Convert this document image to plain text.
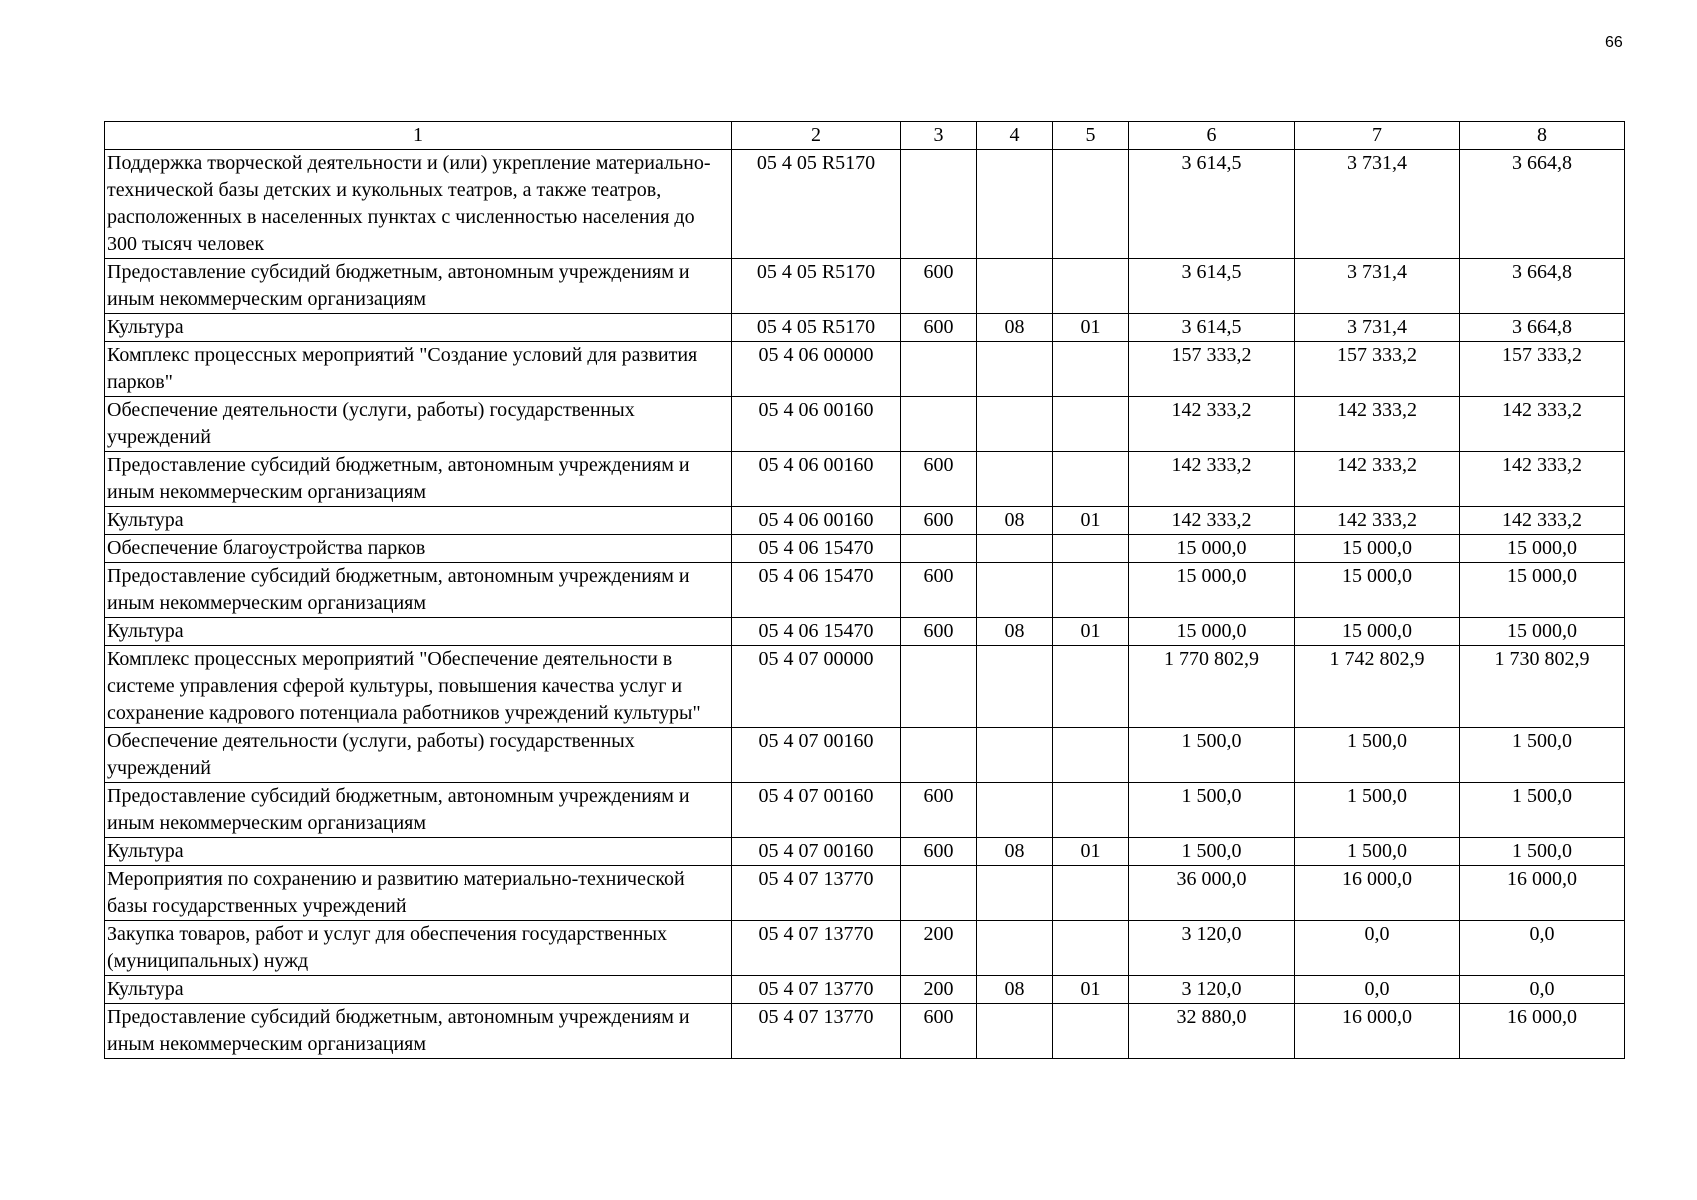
66
1	2	3	4	5	6	7	8
Поддержка творческой деятельности и (или) укрепление материально-технической базы детских и кукольных театров, а также театров, расположенных в населенных пунктах с численностью населения до 300 тысяч человек	05 4 05 R5170				3 614,5	3 731,4	3 664,8
Предоставление субсидий бюджетным, автономным учреждениям и иным некоммерческим организациям	05 4 05 R5170	600			3 614,5	3 731,4	3 664,8
Культура	05 4 05 R5170	600	08	01	3 614,5	3 731,4	3 664,8
Комплекс процессных мероприятий "Создание условий для развития парков"	05 4 06 00000				157 333,2	157 333,2	157 333,2
Обеспечение деятельности (услуги, работы) государственных учреждений	05 4 06 00160				142 333,2	142 333,2	142 333,2
Предоставление субсидий бюджетным, автономным учреждениям и иным некоммерческим организациям	05 4 06 00160	600			142 333,2	142 333,2	142 333,2
Культура	05 4 06 00160	600	08	01	142 333,2	142 333,2	142 333,2
Обеспечение благоустройства парков	05 4 06 15470				15 000,0	15 000,0	15 000,0
Предоставление субсидий бюджетным, автономным учреждениям и иным некоммерческим организациям	05 4 06 15470	600			15 000,0	15 000,0	15 000,0
Культура	05 4 06 15470	600	08	01	15 000,0	15 000,0	15 000,0
Комплекс процессных мероприятий "Обеспечение деятельности в системе управления сферой культуры, повышения качества услуг и сохранение кадрового потенциала работников учреждений культуры"	05 4 07 00000				1 770 802,9	1 742 802,9	1 730 802,9
Обеспечение деятельности (услуги, работы) государственных учреждений	05 4 07 00160				1 500,0	1 500,0	1 500,0
Предоставление субсидий бюджетным, автономным учреждениям и иным некоммерческим организациям	05 4 07 00160	600			1 500,0	1 500,0	1 500,0
Культура	05 4 07 00160	600	08	01	1 500,0	1 500,0	1 500,0
Мероприятия по сохранению и развитию материально-технической базы государственных учреждений	05 4 07 13770				36 000,0	16 000,0	16 000,0
Закупка товаров, работ и услуг для обеспечения государственных (муниципальных) нужд	05 4 07 13770	200			3 120,0	0,0	0,0
Культура	05 4 07 13770	200	08	01	3 120,0	0,0	0,0
Предоставление субсидий бюджетным, автономным учреждениям и иным некоммерческим организациям	05 4 07 13770	600			32 880,0	16 000,0	16 000,0
